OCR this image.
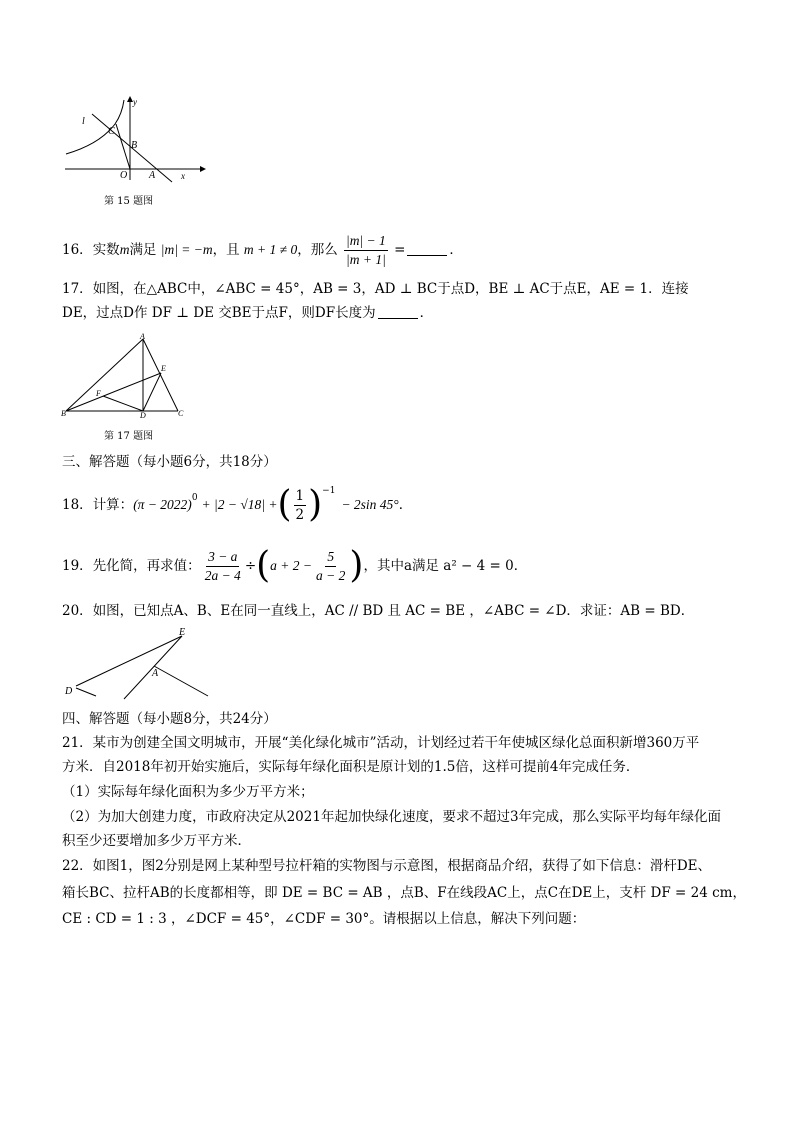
y
l
C
B
O A	x
第 15 题图
16．实数m满足 |m| = −m，且 m + 1 ≠ 0，那么 $\frac{|m| - 1}{|m + 1|}$ =	．
17．如图，在△ABC中，∠ABC = 45°，AB = 3，AD ⊥ BC于点D，BE ⊥ AC于点E，AE = 1．连接
DE，过点D作 DF ⊥ DE 交BE于点F，则DF长度为	．
A
E
F
B	D	C
第 17 题图
三、解答题（每小题6分，共18分）
18． 计算： $(\pi - 2022)^0 + |2 - √18|$ + ( $\frac{1}{2} )^{-1}$
− 2sin 45° ．
19． 先化简，再求值： $\frac{3 - a}{2a - 4}$ ÷ ( $a + 2 - \frac{5}{a - 2}$ ) ，其中a满足 a² − 4 = 0．
20．如图，已知点A、B、E在同一直线上，AC // BD 且 AC = BE ，∠ABC = ∠D．求证：AB = BD．
E
A
D
四、解答题（每小题8分，共24分）
21．某市为创建全国文明城市，开展“美化绿化城市”活动，计划经过若干年使城区绿化总面积新增360万平
方米．自2018年初开始实施后，实际每年绿化面积是原计划的1.5倍，这样可提前4年完成任务．
（1）实际每年绿化面积为多少万平方米；
（2）为加大创建力度，市政府决定从2021年起加快绿化速度，要求不超过3年完成，那么实际平均每年绿化面
积至少还要增加多少万平方米．
22．如图1，图2分别是网上某种型号拉杆箱的实物图与示意图，根据商品介绍，获得了如下信息：滑杆DE、
箱长BC、拉杆AB的长度都相等，即 DE = BC = AB ，点B、F在线段AC上，点C在DE上，支杆 DF = 24 cm，
CE : CD = 1 : 3 ，∠DCF = 45°，∠CDF = 30°。请根据以上信息，解决下列问题：
